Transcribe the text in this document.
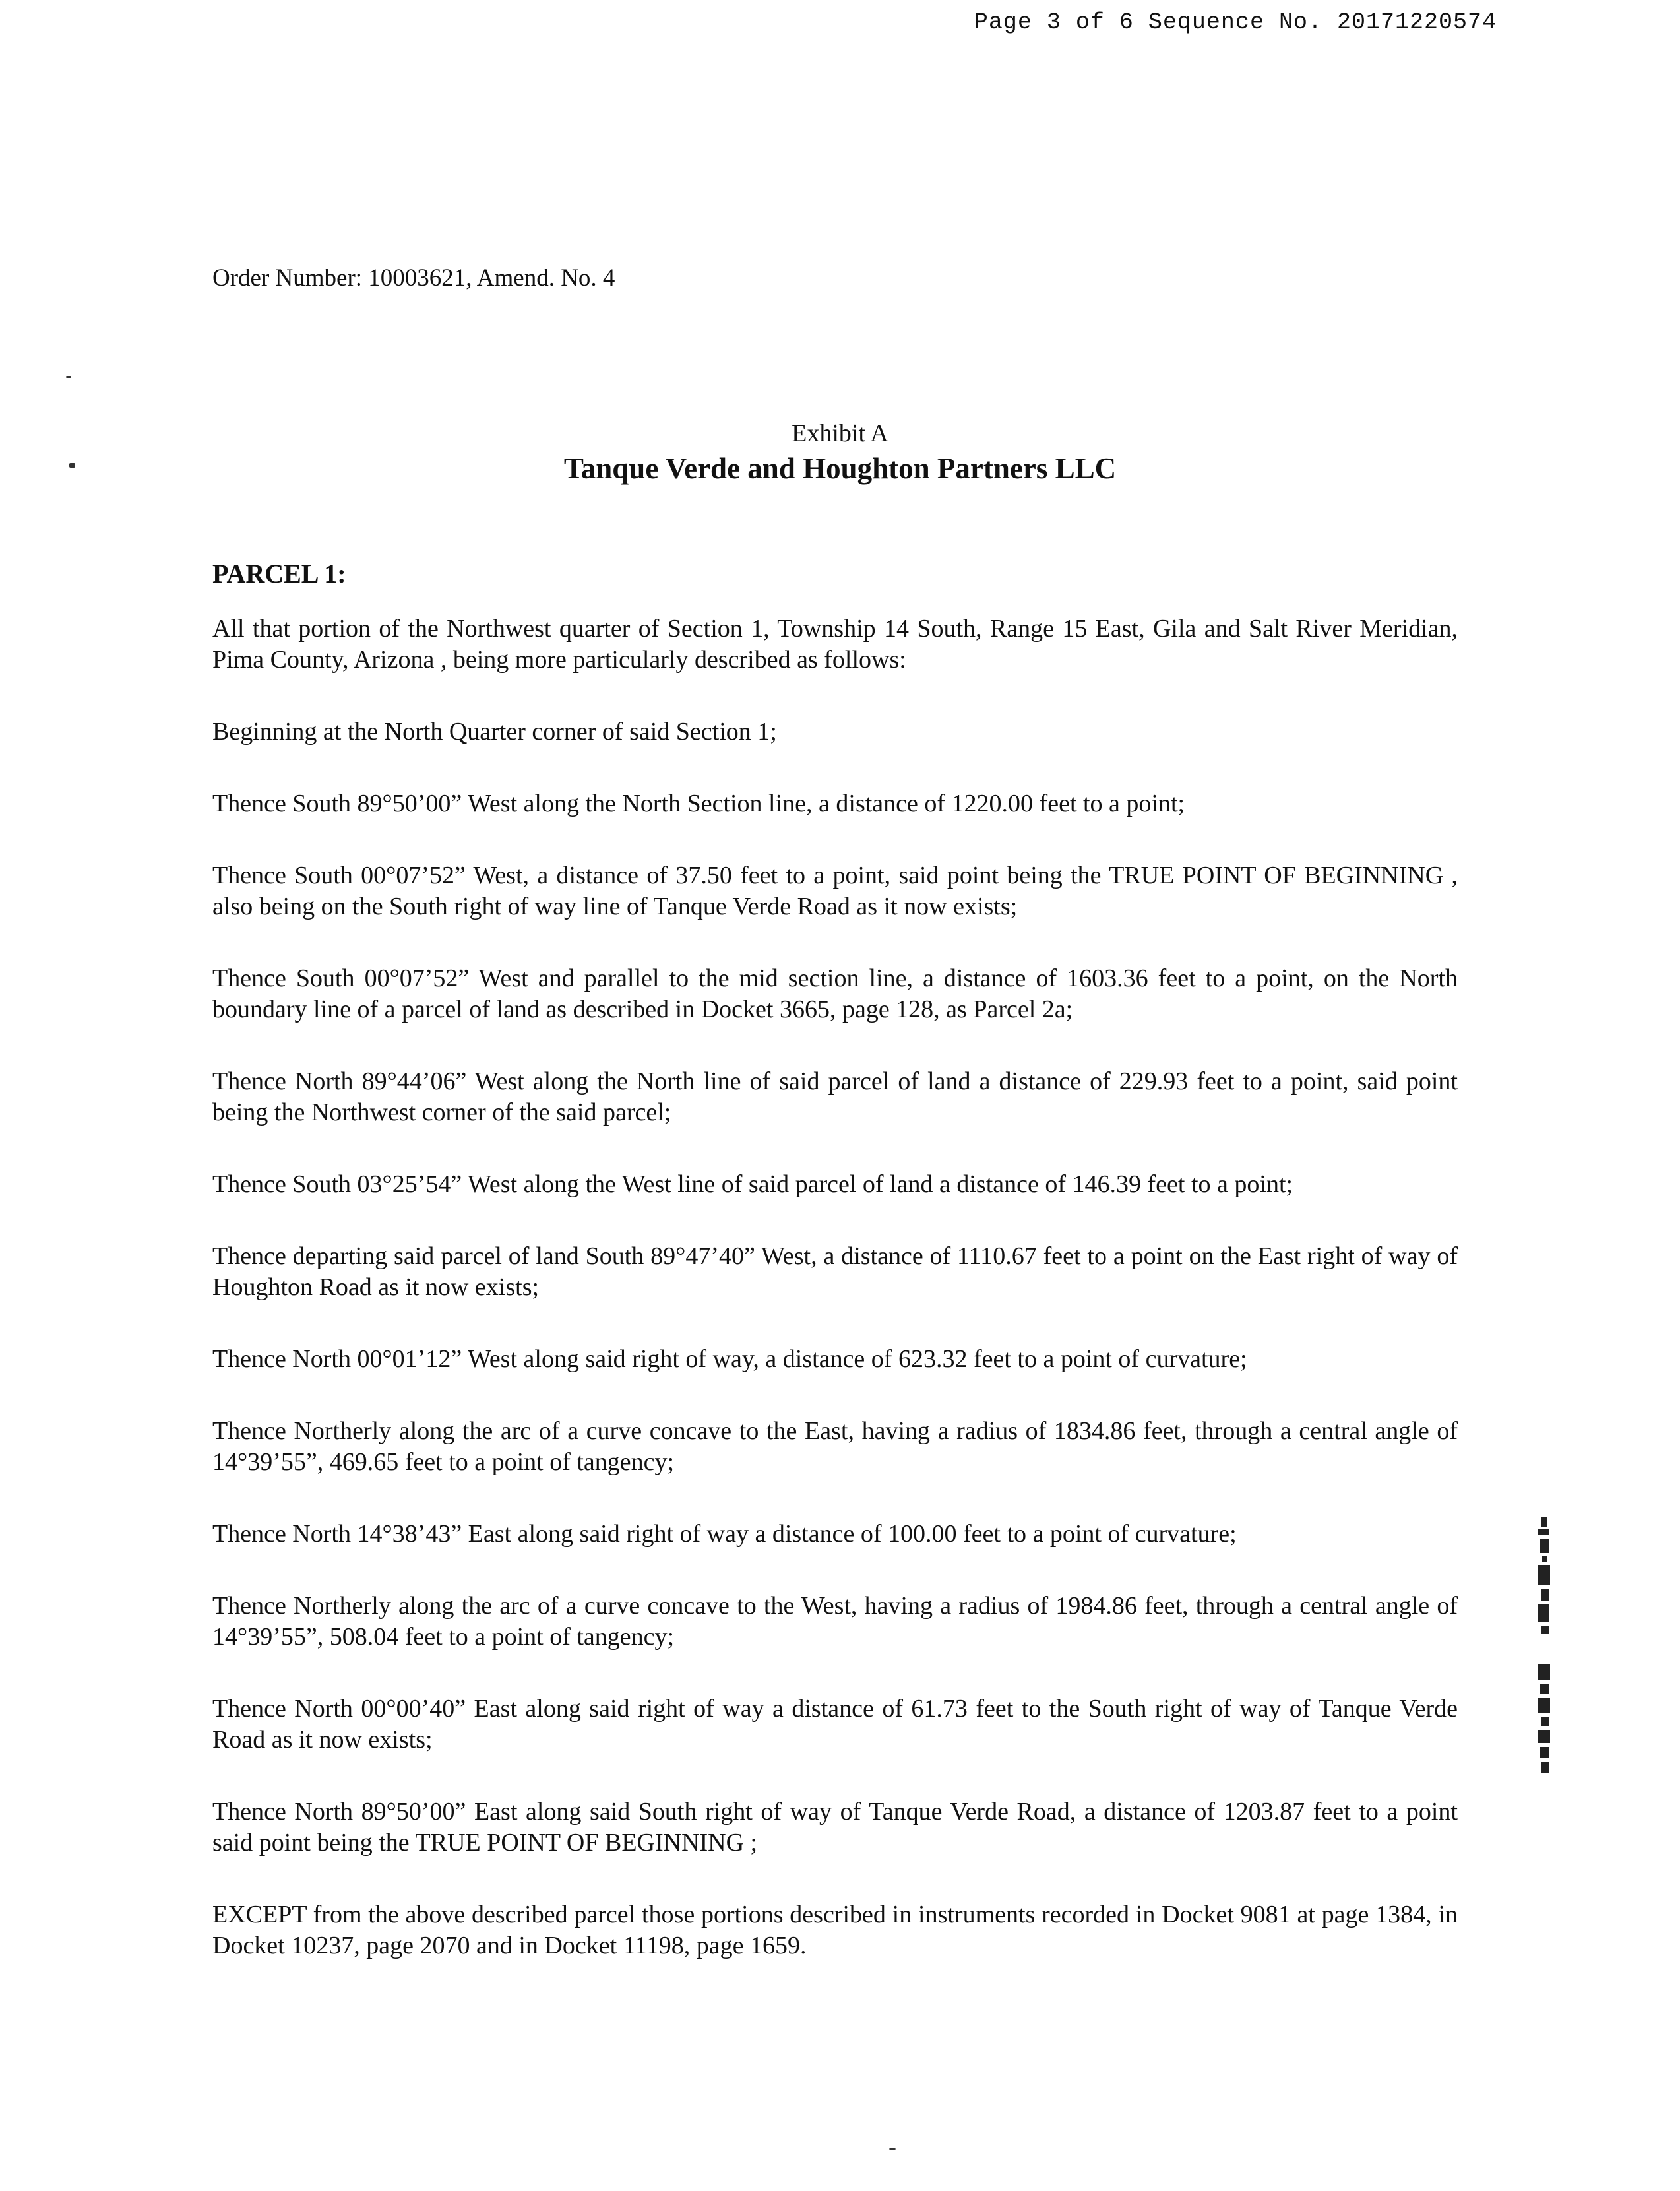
Page 3 of 6 Sequence No. 20171220574
Order Number: 10003621, Amend. No. 4
Exhibit A
Tanque Verde and Houghton Partners LLC
PARCEL 1:

All that portion of the Northwest quarter of Section 1, Township 14 South, Range 15 East, Gila and Salt River Meridian, Pima County, Arizona , being more particularly described as follows:

Beginning at the North Quarter corner of said Section 1;

Thence South 89°50’00” West along the North Section line, a distance of 1220.00 feet to a point;

Thence South 00°07’52” West, a distance of 37.50 feet to a point, said point being the TRUE POINT OF BEGINNING , also being on the South right of way line of Tanque Verde Road as it now exists;

Thence South 00°07’52” West and parallel to the mid section line, a distance of 1603.36 feet to a point, on the North boundary line of a parcel of land as described in Docket 3665, page 128, as Parcel 2a;

Thence North 89°44’06” West along the North line of said parcel of land a distance of 229.93 feet to a point, said point being the Northwest corner of the said parcel;

Thence South 03°25’54” West along the West line of said parcel of land a distance of 146.39 feet to a point;

Thence departing said parcel of land South 89°47’40” West, a distance of 1110.67 feet to a point on the East right of way of Houghton Road as it now exists;

Thence North 00°01’12” West along said right of way, a distance of 623.32 feet to a point of curvature;

Thence Northerly along the arc of a curve concave to the East, having a radius of 1834.86 feet, through a central angle of 14°39’55”, 469.65 feet to a point of tangency;

Thence North 14°38’43” East along said right of way a distance of 100.00 feet to a point of curvature;

Thence Northerly along the arc of a curve concave to the West, having a radius of 1984.86 feet, through a central angle of 14°39’55”, 508.04 feet to a point of tangency;

Thence North 00°00’40” East along said right of way a distance of 61.73 feet to the South right of way of Tanque Verde Road as it now exists;

Thence North 89°50’00” East along said South right of way of Tanque Verde Road, a distance of 1203.87 feet to a point said point being the TRUE POINT OF BEGINNING ;

EXCEPT from the above described parcel those portions described in instruments recorded in Docket 9081 at page 1384, in Docket 10237, page 2070 and in Docket 11198, page 1659.
